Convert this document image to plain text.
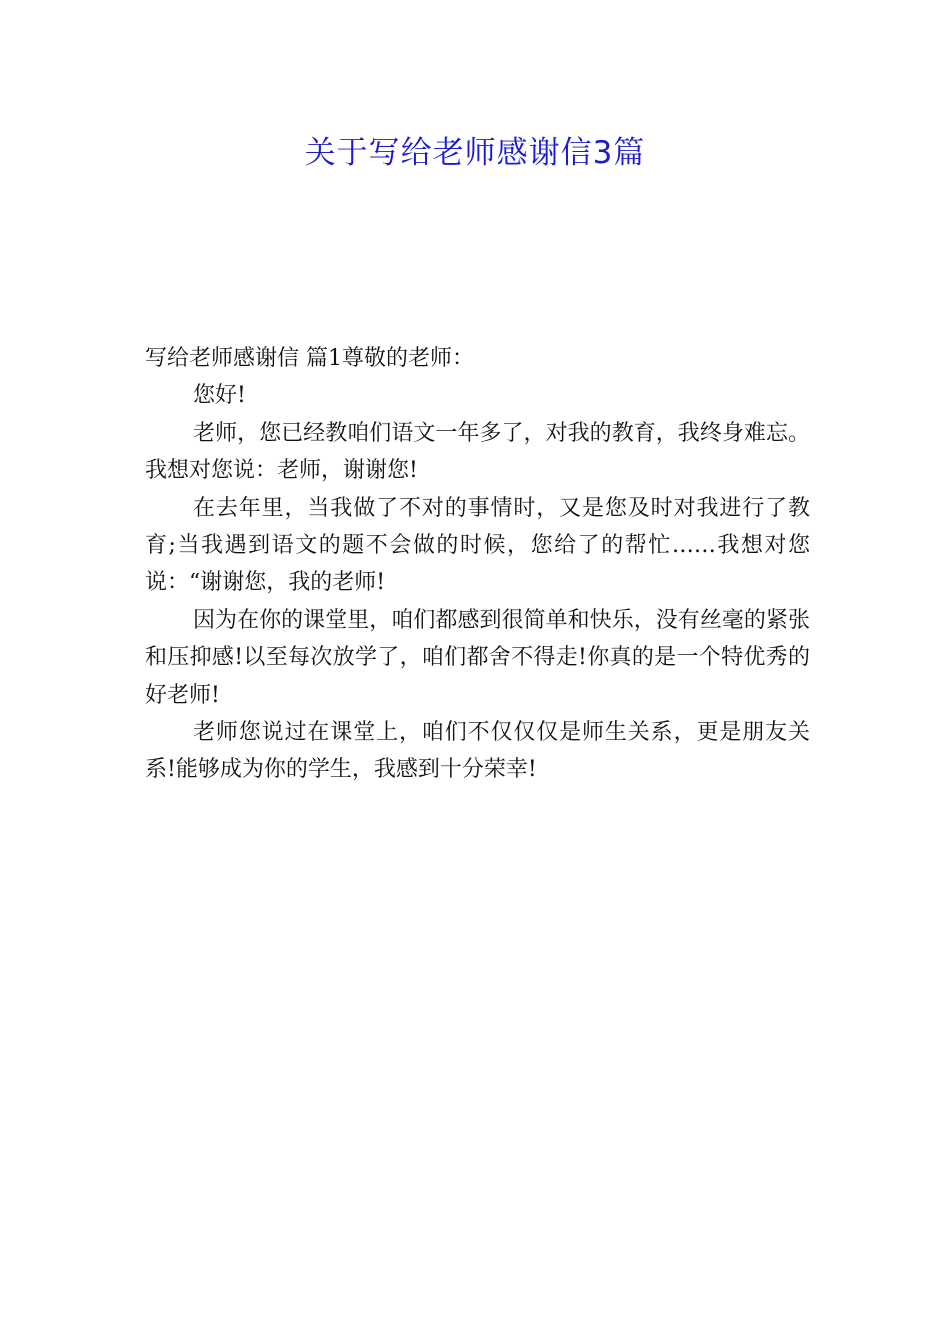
关于写给老师感谢信3篇

写给老师感谢信 篇1尊敬的老师：

您好!

老师，您已经教咱们语文一年多了，对我的教育，我终身难忘。我想对您说：老师，谢谢您!

在去年里，当我做了不对的事情时，又是您及时对我进行了教育;当我遇到语文的题不会做的时候，您给了的帮忙……我想对您说：“谢谢您，我的老师!

因为在你的课堂里，咱们都感到很简单和快乐，没有丝毫的紧张和压抑感!以至每次放学了，咱们都舍不得走!你真的是一个特优秀的好老师!

老师您说过在课堂上，咱们不仅仅仅是师生关系，更是朋友关系!能够成为你的学生，我感到十分荣幸!
